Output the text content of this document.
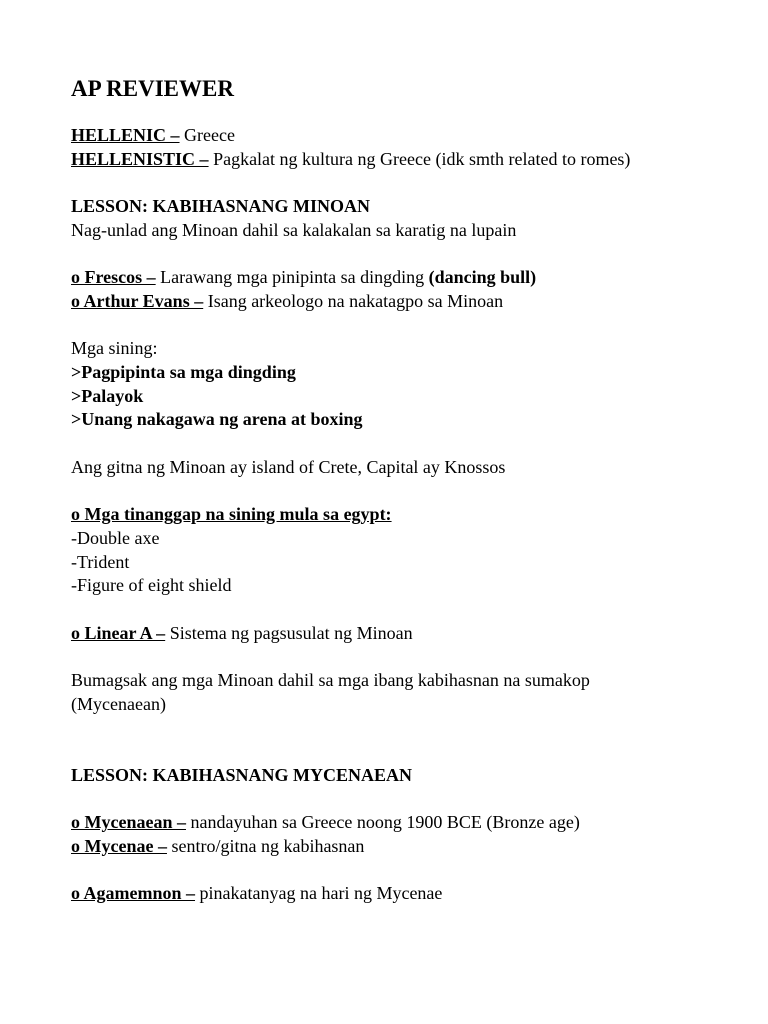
AP REVIEWER
HELLENIC – Greece
HELLENISTIC – Pagkalat ng kultura ng Greece (idk smth related to romes)
LESSON: KABIHASNANG MINOAN
Nag-unlad ang Minoan dahil sa kalakalan sa karatig na lupain
o Frescos – Larawang mga pinipinta sa dingding (dancing bull)
o Arthur Evans – Isang arkeologo na nakatagpo sa Minoan
Mga sining:
>Pagpipinta sa mga dingding
>Palayok
>Unang nakagawa ng arena at boxing
Ang gitna ng Minoan ay island of Crete, Capital ay Knossos
o Mga tinanggap na sining mula sa egypt:
-Double axe
-Trident
-Figure of eight shield
o Linear A – Sistema ng pagsusulat ng Minoan
Bumagsak ang mga Minoan dahil sa mga ibang kabihasnan na sumakop
(Mycenaean)
LESSON: KABIHASNANG MYCENAEAN
o Mycenaean – nandayuhan sa Greece noong 1900 BCE (Bronze age)
o Mycenae – sentro/gitna ng kabihasnan
o Agamemnon – pinakatanyag na hari ng Mycenae
